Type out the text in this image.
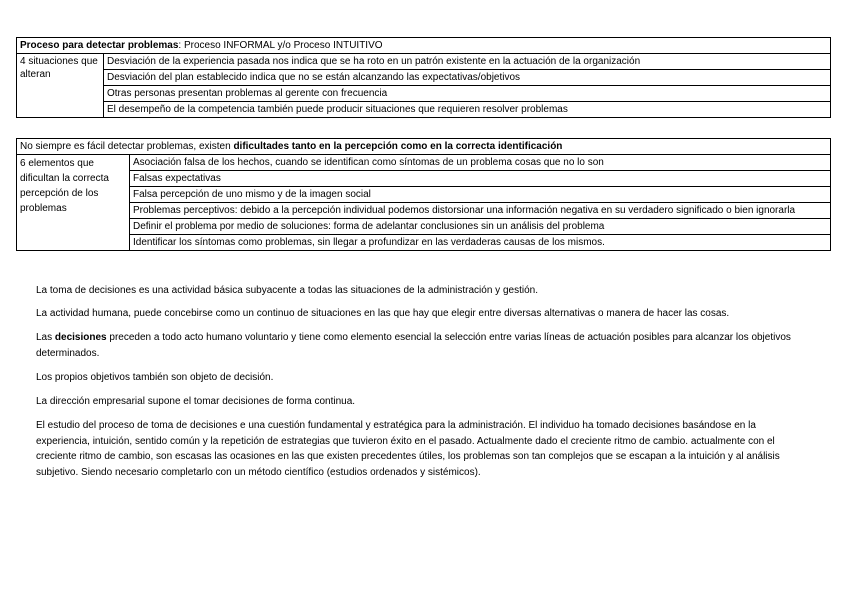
Proceso para detectar problemas: Proceso INFORMAL y/o Proceso INTUITIVO
4 situaciones que alteran	Desviación de la experiencia pasada nos indica que se ha roto en un patrón existente en la actuación de la organización
Desviación del plan establecido indica que no se están alcanzando las expectativas/objetivos
Otras personas presentan problemas al gerente con frecuencia
El desempeño de la competencia también puede producir situaciones que requieren resolver problemas
No siempre es fácil detectar problemas, existen dificultades tanto en la percepción como en la correcta identificación
6 elementos que dificultan la correcta percepción de los problemas	Asociación falsa de los hechos, cuando se identifican como síntomas de un problema cosas que no lo son
Falsas expectativas
Falsa percepción de uno mismo y de la imagen social
Problemas perceptivos: debido a la percepción individual podemos distorsionar una información negativa en su verdadero significado o bien ignorarla
Definir el problema por medio de soluciones: forma de adelantar conclusiones sin un análisis del problema
Identificar los síntomas como problemas, sin llegar a profundizar en las verdaderas causas de los mismos.

La toma de decisiones es una actividad básica subyacente a todas las situaciones de la administración y gestión.

La actividad humana, puede concebirse como un continuo de situaciones en las que hay que elegir entre diversas alternativas o manera de hacer las cosas.

Las decisiones preceden a todo acto humano voluntario y tiene como elemento esencial la selección entre varias líneas de actuación posibles para alcanzar los objetivos determinados.

Los propios objetivos también son objeto de decisión.

La dirección empresarial supone el tomar decisiones de forma continua.

El estudio del proceso de toma de decisiones e una cuestión fundamental y estratégica para la administración. El individuo ha tomado decisiones basándose en la experiencia, intuición, sentido común y la repetición de estrategias que tuvieron éxito en el pasado. Actualmente dado el creciente ritmo de cambio. actualmente con el creciente ritmo de cambio, son escasas las ocasiones en las que existen precedentes útiles, los problemas son tan complejos que se escapan a la intuición y al análisis subjetivo. Siendo necesario completarlo con un método científico (estudios ordenados y sistémicos).
